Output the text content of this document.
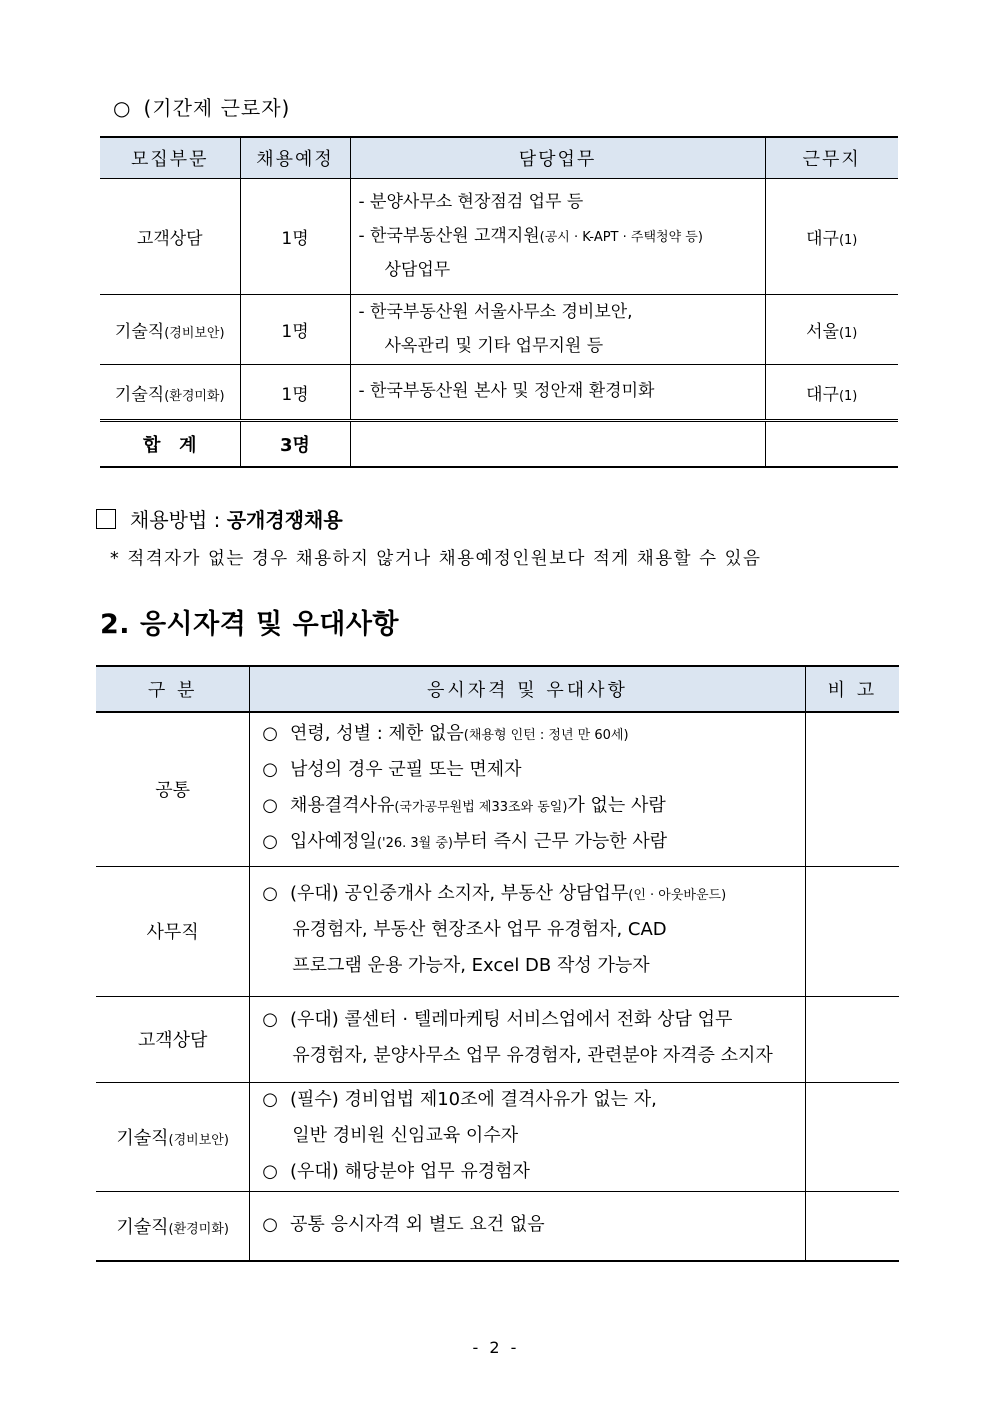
○ (기간제 근로자)
모집부문	채용예정	담당업무	근무지
고객상담	1명	- 분양사무소 현장점검 업무 등
- 한국부동산원 고객지원(공시 · K-APT · 주택청약 등)
상담업무	대구(1)
기술직(경비보안)	1명	- 한국부동산원 서울사무소 경비보안,
사옥관리 및 기타 업무지원 등	서울(1)
기술직(환경미화)	1명	- 한국부동산원 본사 및 정안재 환경미화	대구(1)
합   계	3명		
채용방법 : 공개경쟁채용
* 적격자가 없는 경우 채용하지 않거나 채용예정인원보다 적게 채용할 수 있음
2. 응시자격 및 우대사항
구 분	응시자격 및 우대사항	비 고
공통	○ 연령, 성별 : 제한 없음(채용형 인턴 : 정년 만 60세)
○ 남성의 경우 군필 또는 면제자
○ 채용결격사유(국가공무원법 제33조와 동일)가 없는 사람
○ 입사예정일('26. 3월 중)부터 즉시 근무 가능한 사람	

사무직	○ (우대) 공인중개사 소지자, 부동산 상담업무(인 · 아웃바운드)
유경험자, 부동산 현장조사 업무 유경험자, CAD
프로그램 운용 가능자, Excel DB 작성 가능자	

고객상담	○ (우대) 콜센터 · 텔레마케팅 서비스업에서 전화 상담 업무
유경험자, 분양사무소 업무 유경험자, 관련분야 자격증 소지자	

기술직(경비보안)	○ (필수) 경비업법 제10조에 결격사유가 없는 자,
일반 경비원 신임교육 이수자
○ (우대) 해당분야 업무 유경험자	

기술직(환경미화)	○ 공통 응시자격 외 별도 요건 없음	

- 2 -
